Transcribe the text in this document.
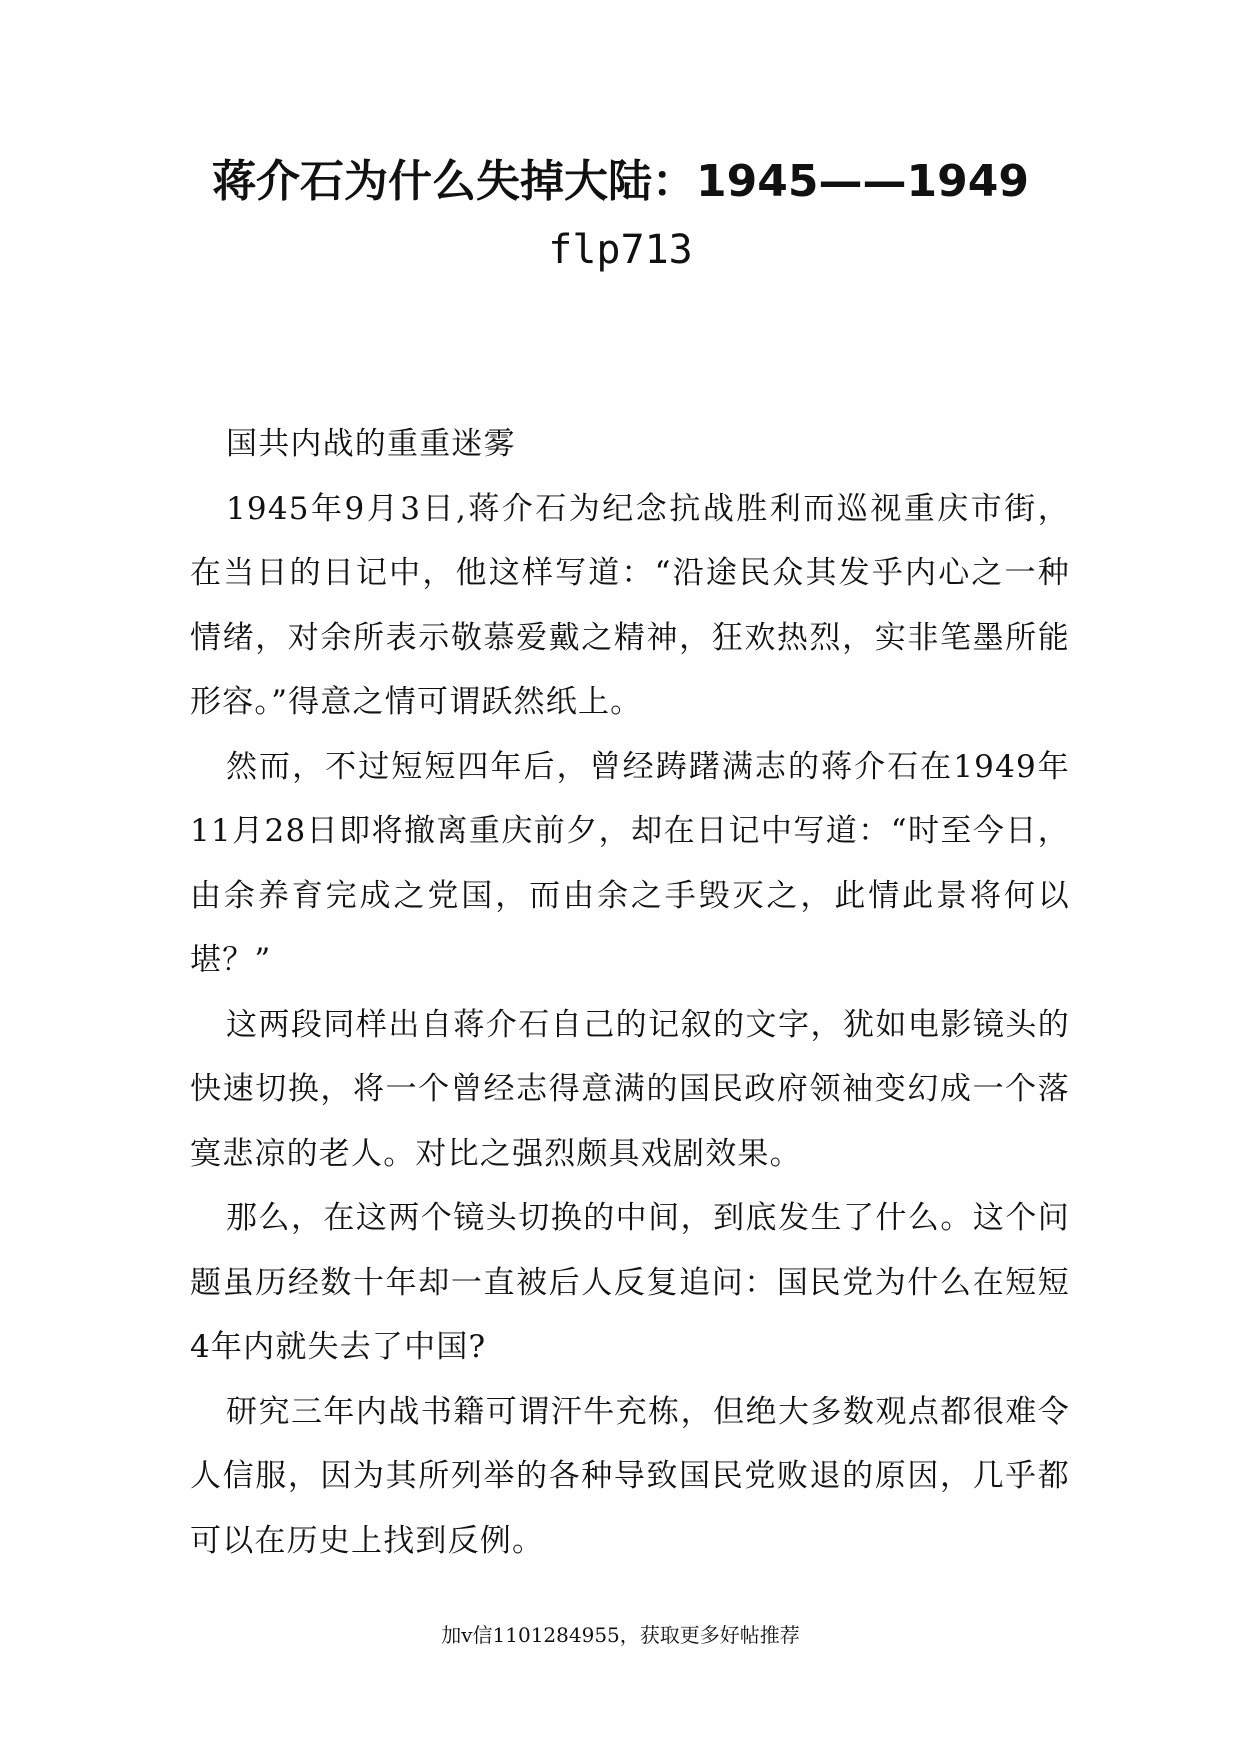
蒋介石为什么失掉大陆：1945——1949
flp713

国共内战的重重迷雾

1945年9月3日,蒋介石为纪念抗战胜利而巡视重庆市街，在当日的日记中，他这样写道：“沿途民众其发乎内心之一种情绪，对余所表示敬慕爱戴之精神，狂欢热烈，实非笔墨所能形容。”得意之情可谓跃然纸上。

然而，不过短短四年后，曾经踌躇满志的蒋介石在1949年11月28日即将撤离重庆前夕，却在日记中写道：“时至今日，由余养育完成之党国，而由余之手毁灭之，此情此景将何以堪？”

这两段同样出自蒋介石自己的记叙的文字，犹如电影镜头的快速切换，将一个曾经志得意满的国民政府领袖变幻成一个落寞悲凉的老人。对比之强烈颇具戏剧效果。

那么，在这两个镜头切换的中间，到底发生了什么。这个问题虽历经数十年却一直被后人反复追问：国民党为什么在短短4年内就失去了中国?

研究三年内战书籍可谓汗牛充栋，但绝大多数观点都很难令人信服，因为其所列举的各种导致国民党败退的原因，几乎都可以在历史上找到反例。

加v信1101284955，获取更多好帖推荐
